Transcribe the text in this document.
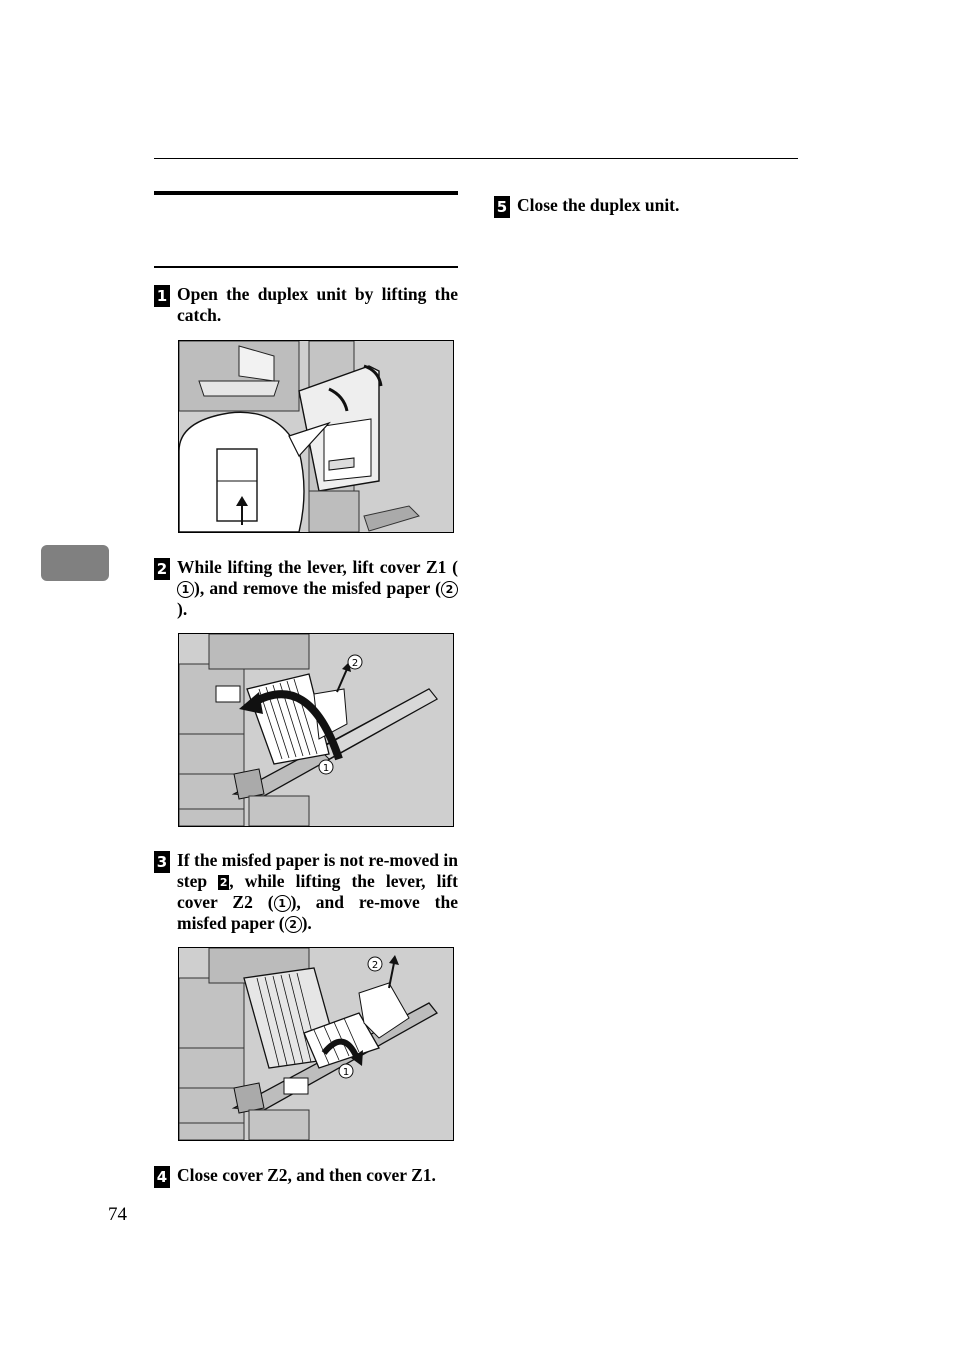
1 Open the duplex unit by lifting the catch.
2 While lifting the lever, lift cover Z1 (1 ), and remove the misfed paper ( 2).
2
1
3 If the misfed paper is not re-moved in step 2, while lifting the lever, lift cover Z2 ( 1 ), and re-move the misfed paper ( 2 ).
2
1
4 Close cover Z2, and then cover Z1.
5 Close the duplex unit.
74
